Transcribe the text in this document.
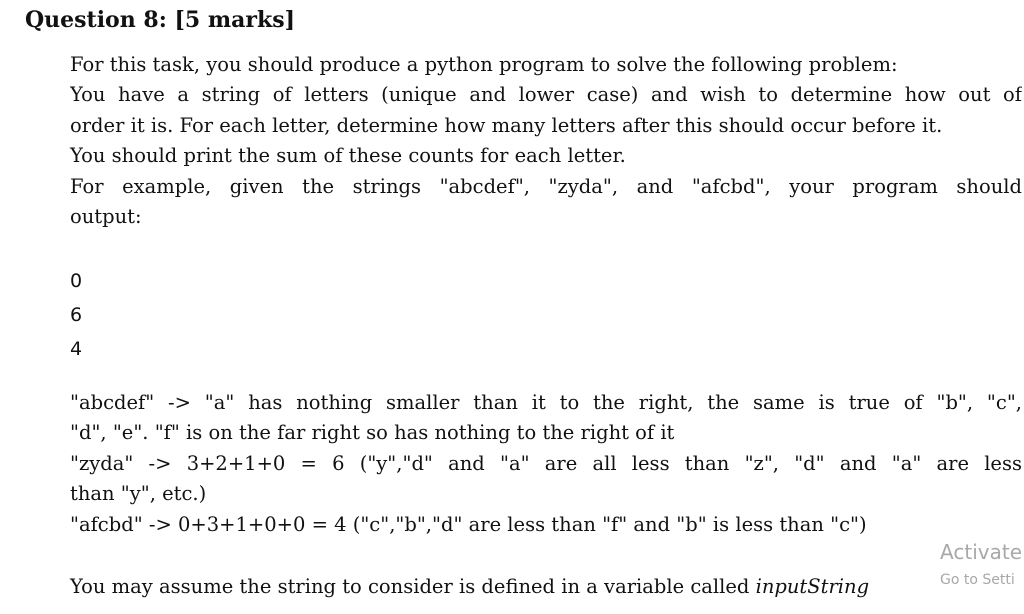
Question 8: [5 marks]
For this task, you should produce a python program to solve the following problem:
You have a string of letters (unique and lower case) and wish to determine how out of
order it is. For each letter, determine how many letters after this should occur before it.
You should print the sum of these counts for each letter.
For example, given the strings "abcdef", "zyda", and "afcbd", your program should
output:
0
6
4
"abcdef" -> "a" has nothing smaller than it to the right, the same is true of "b", "c",
"d", "e". "f" is on the far right so has nothing to the right of it
"zyda" -> 3+2+1+0 = 6 ("y","d" and "a" are all less than "z", "d" and "a" are less
than "y", etc.)
"afcbd" -> 0+3+1+0+0 = 4 ("c","b","d" are less than "f" and "b" is less than "c")
You may assume the string to consider is defined in a variable called inputString
Activate
Go to Setti
